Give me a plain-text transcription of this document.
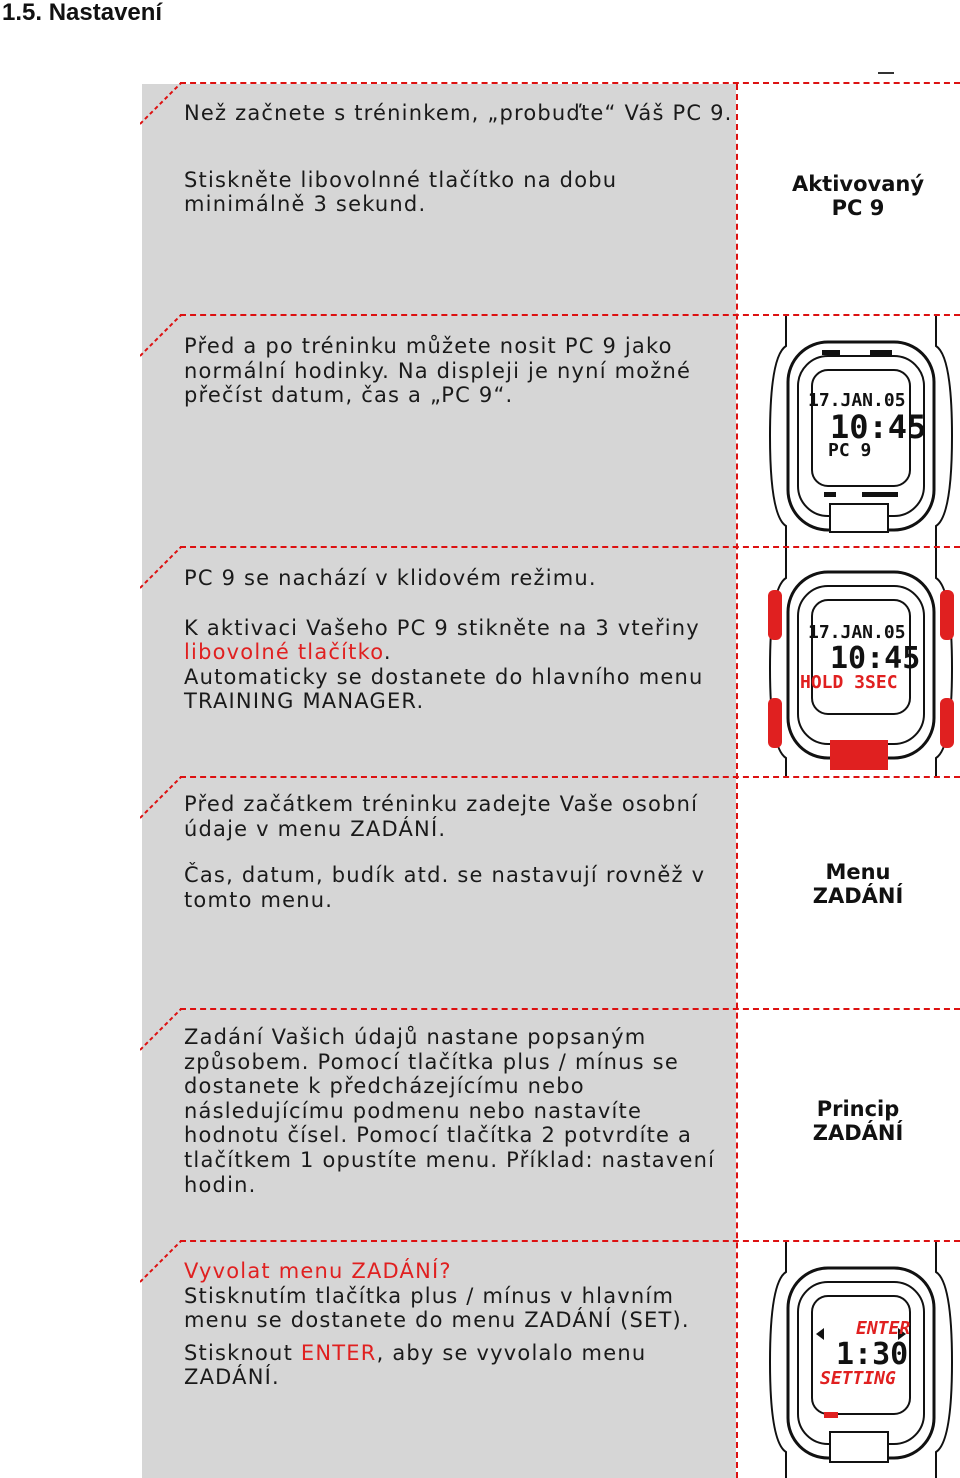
1.5. Nastavení

Než začnete s tréninkem, „probuďte“ Váš PC 9.

Stiskněte libovolnné tlačítko na dobu minimálně 3 sekund.

Aktivovaný
PC 9

Před a po tréninku můžete nosit PC 9 jako normální hodinky. Na displeji je nyní možné přečíst datum, čas a „PC 9“.	17.JAN.05
10:45
PC 9

PC 9 se nachází v klidovém režimu.

K aktivaci Vašeho PC 9 stikněte na 3 vteřiny libovolné tlačítko.

Automaticky se dostanete do hlavního menu TRAINING MANAGER.

17.JAN.05
10:45
HOLD 3SEC

Před začátkem tréninku zadejte Vaše osobní údaje v menu ZADÁNÍ.

Čas, datum, budík atd. se nastavují rovněž v tomto menu.

Menu
ZADÁNÍ

Zadání Vašich údajů nastane popsaným způsobem. Pomocí tlačítka plus / mínus se dostanete k předcházejícímu nebo následujícímu podmenu nebo nastavíte hodnotu čísel. Pomocí tlačítka 2 potvrdíte a tlačítkem 1 opustíte menu. Příklad: nastavení hodin.

Princip
ZADÁNÍ

Vyvolat menu ZADÁNÍ?

Stisknutím tlačítka plus / mínus v hlavním menu se dostanete do menu ZADÁNÍ (SET).

Stisknout ENTER, aby se vyvolalo menu ZADÁNÍ.

ENTER
1:30
SETTING
